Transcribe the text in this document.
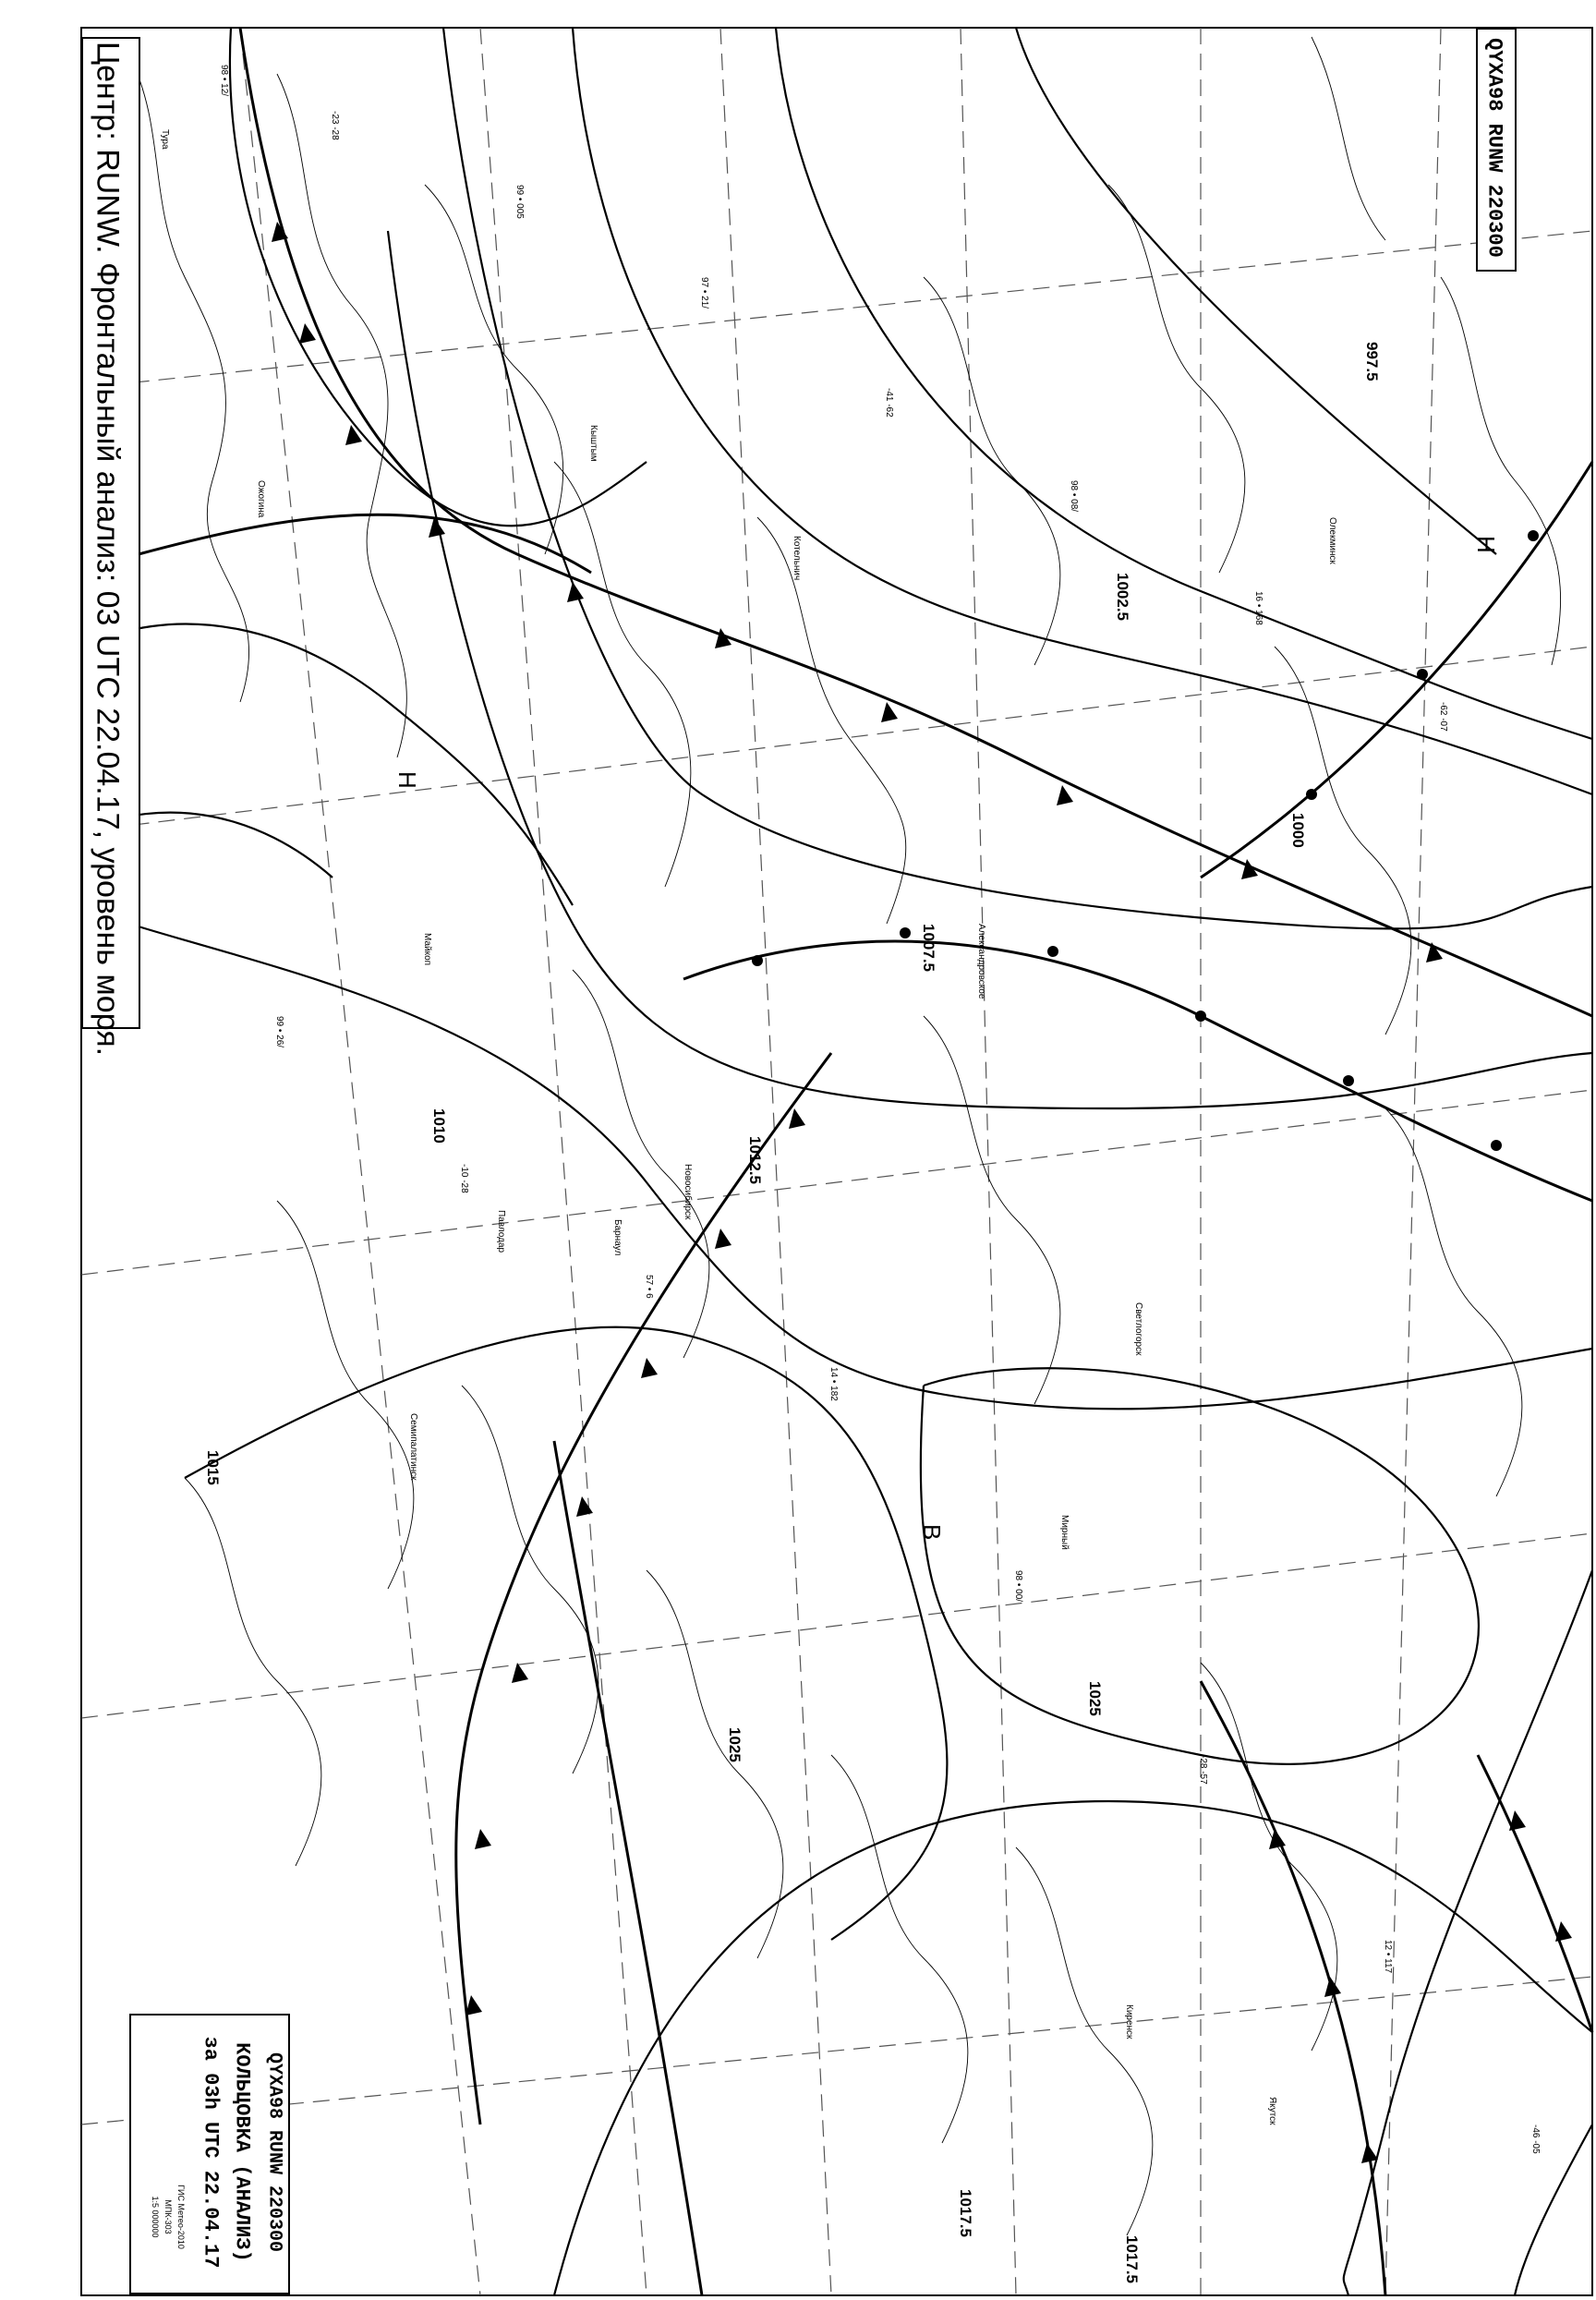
997.5
1000
1002.5
1007.5
1010
1012.5
1017.5
1015
1025
1025
1017.5
Н
Н
В
Тура
Олекминск
Ожогина
Александровское
Новосибирск
Барнаул
Майкоп
Котельнич
Кыштым
Павлодар
Семипалатинск
Светлогорск
Якутск
Мирный
Киренск
98 • 12/
-23 -28
99 • 005
97 • 21/
-41 -62
98 • 08/
16 • 168
-62 -07
99 • 26/
-10 -28
57 • 6
14 • 182
98 • 00/
-28 -57
12 • 117
-46 -05
Центр: RUNW. Фронтальный анализ: 03 UTC 22.04.17, уровень моря.	QYXA98 RUNW 220300
QYXA98 RUNW 220300
КОЛЬЦОВКА (АНАЛИЗ)
за 03h UTC 22.04.17
ГИС Метео-2010
МПК-303
1:5 000000
